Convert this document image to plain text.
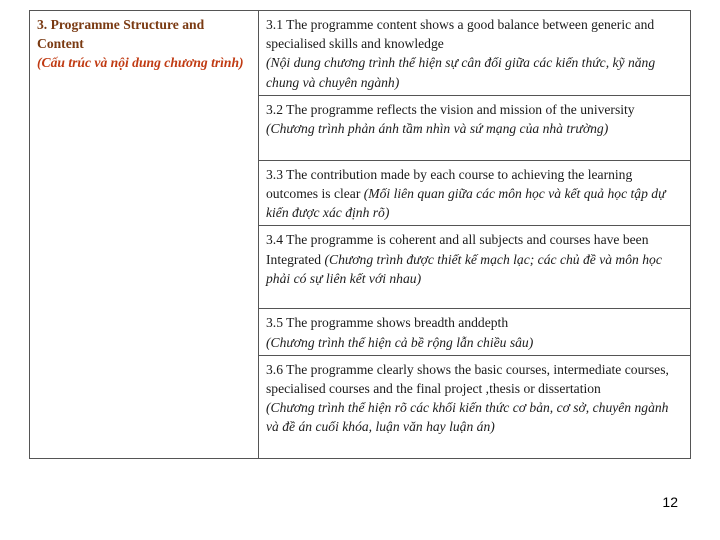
3. Programme Structure and Content
(Cấu trúc và nội dung chương trình)

3.1 The programme content shows a good balance between generic and specialised skills and knowledge
(Nội dung chương trình thể hiện sự cân đối giữa các kiến thức, kỹ năng chung và chuyên ngành)

3.2 The programme reflects the vision and mission of the university
(Chương trình phản ánh tầm nhìn và sứ mạng của nhà trường)

3.3 The contribution made by each course to achieving the learning outcomes is clear (Mối liên quan giữa các môn học và kết quả học tập dự kiến được xác định rõ)

3.4 The programme is coherent and all subjects and courses have been
Integrated (Chương trình được thiết kế mạch lạc; các chủ đề và môn học phải có sự liên kết với nhau)

3.5 The programme shows breadth anddepth
(Chương trình thể hiện cả bề rộng lẫn chiều sâu)

3.6 The programme clearly shows the basic courses, intermediate courses, specialised courses and the final project ,thesis or dissertation
(Chương trình thể hiện rõ các khối kiến thức cơ bản, cơ sở, chuyên ngành và đề án cuối khóa, luận văn hay luận án)
12
